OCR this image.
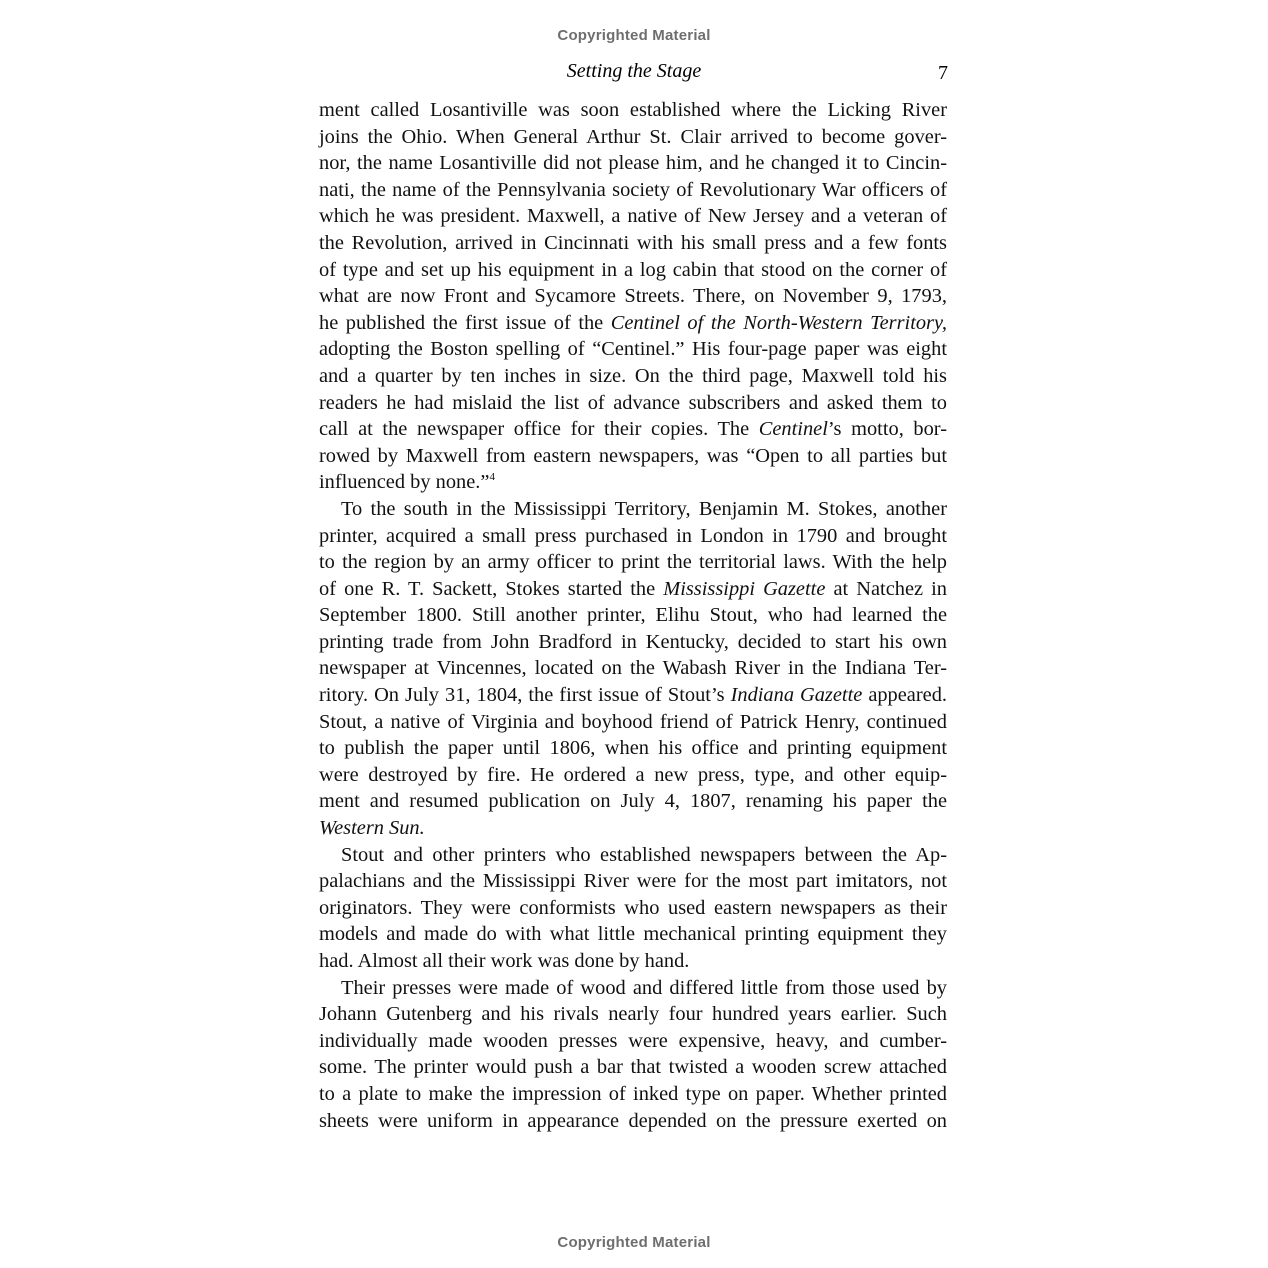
Copyrighted Material
Setting the Stage	7

ment called Losantiville was soon established where the Licking River
joins the Ohio. When General Arthur St. Clair arrived to become gover-
nor, the name Losantiville did not please him, and he changed it to Cincin-
nati, the name of the Pennsylvania society of Revolutionary War officers of
which he was president. Maxwell, a native of New Jersey and a veteran of
the Revolution, arrived in Cincinnati with his small press and a few fonts
of type and set up his equipment in a log cabin that stood on the corner of
what are now Front and Sycamore Streets. There, on November 9, 1793,
he published the first issue of the Centinel of the North-Western Territory,
adopting the Boston spelling of “Centinel.” His four-page paper was eight
and a quarter by ten inches in size. On the third page, Maxwell told his
readers he had mislaid the list of advance subscribers and asked them to
call at the newspaper office for their copies. The Centinel’s motto, bor-
rowed by Maxwell from eastern newspapers, was “Open to all parties but
influenced by none.”$^4$

To the south in the Mississippi Territory, Benjamin M. Stokes, another
printer, acquired a small press purchased in London in 1790 and brought
to the region by an army officer to print the territorial laws. With the help
of one R. T. Sackett, Stokes started the Mississippi Gazette at Natchez in
September 1800. Still another printer, Elihu Stout, who had learned the
printing trade from John Bradford in Kentucky, decided to start his own
newspaper at Vincennes, located on the Wabash River in the Indiana Ter-
ritory. On July 31, 1804, the first issue of Stout’s Indiana Gazette appeared.
Stout, a native of Virginia and boyhood friend of Patrick Henry, continued
to publish the paper until 1806, when his office and printing equipment
were destroyed by fire. He ordered a new press, type, and other equip-
ment and resumed publication on July 4, 1807, renaming his paper the
Western Sun.

Stout and other printers who established newspapers between the Ap-
palachians and the Mississippi River were for the most part imitators, not
originators. They were conformists who used eastern newspapers as their
models and made do with what little mechanical printing equipment they
had. Almost all their work was done by hand.

Their presses were made of wood and differed little from those used by
Johann Gutenberg and his rivals nearly four hundred years earlier. Such
individually made wooden presses were expensive, heavy, and cumber-
some. The printer would push a bar that twisted a wooden screw attached
to a plate to make the impression of inked type on paper. Whether printed
sheets were uniform in appearance depended on the pressure exerted on

Copyrighted Material
